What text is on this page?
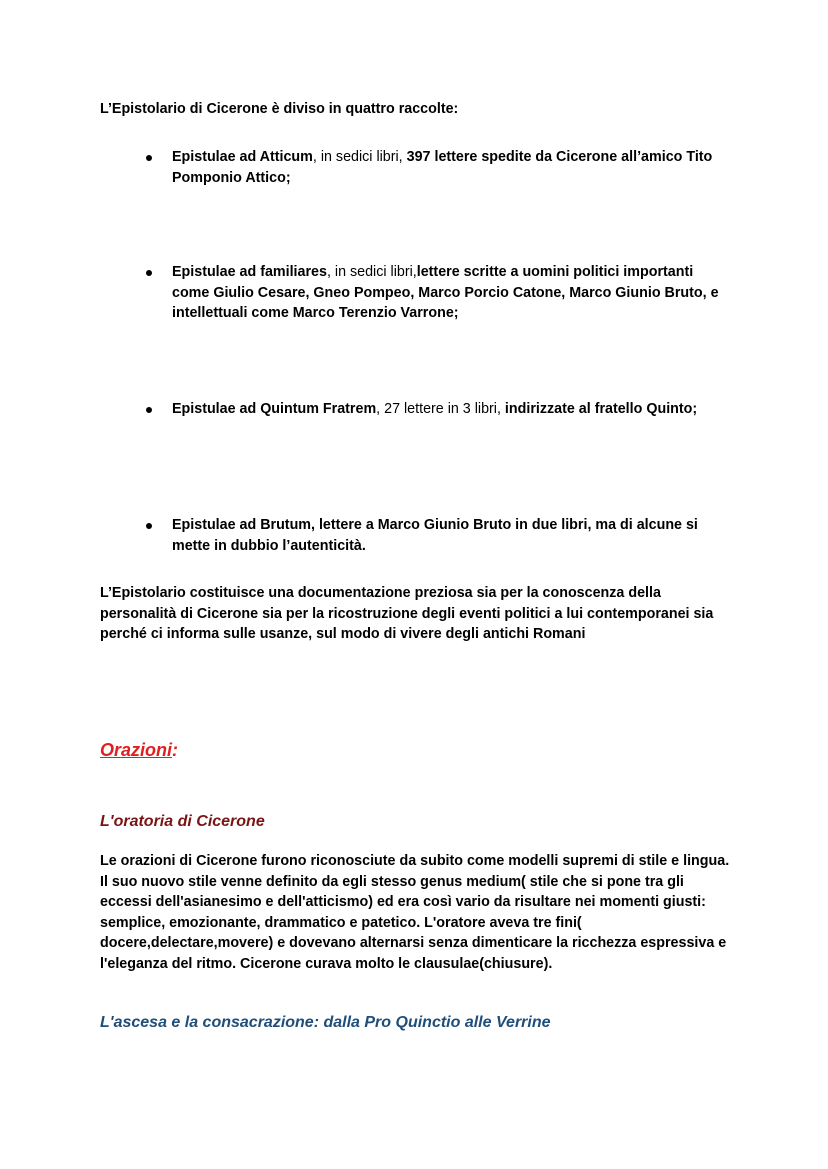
L’Epistolario di Cicerone è diviso in quattro raccolte:
Epistulae ad Atticum, in sedici libri, 397 lettere spedite da Cicerone all’amico Tito Pomponio Attico;
Epistulae ad familiares, in sedici libri,lettere scritte a uomini politici importanti come Giulio Cesare, Gneo Pompeo, Marco Porcio Catone, Marco Giunio Bruto, e intellettuali come Marco Terenzio Varrone;
Epistulae ad Quintum Fratrem, 27 lettere in 3 libri, indirizzate al fratello Quinto;
Epistulae ad Brutum, lettere a Marco Giunio Bruto in due libri, ma di alcune si mette in dubbio l’autenticità.
L’Epistolario costituisce una documentazione preziosa sia per la conoscenza della personalità di Cicerone sia per la ricostruzione degli eventi politici a lui contemporanei sia perché ci informa sulle usanze, sul modo di vivere degli antichi Romani
Orazioni:
L'oratoria di Cicerone
Le orazioni di Cicerone furono riconosciute da subito come modelli supremi di stile e lingua. Il suo nuovo stile venne definito da egli stesso genus medium( stile che si pone tra gli eccessi dell'asianesimo e dell'atticismo) ed era così vario da risultare nei momenti giusti: semplice, emozionante, drammatico e patetico. L'oratore aveva tre fini( docere,delectare,movere) e dovevano alternarsi senza dimenticare la ricchezza espressiva e l'eleganza del ritmo. Cicerone curava molto le clausulae(chiusure).
L'ascesa e la consacrazione: dalla Pro Quinctio alle Verrine
